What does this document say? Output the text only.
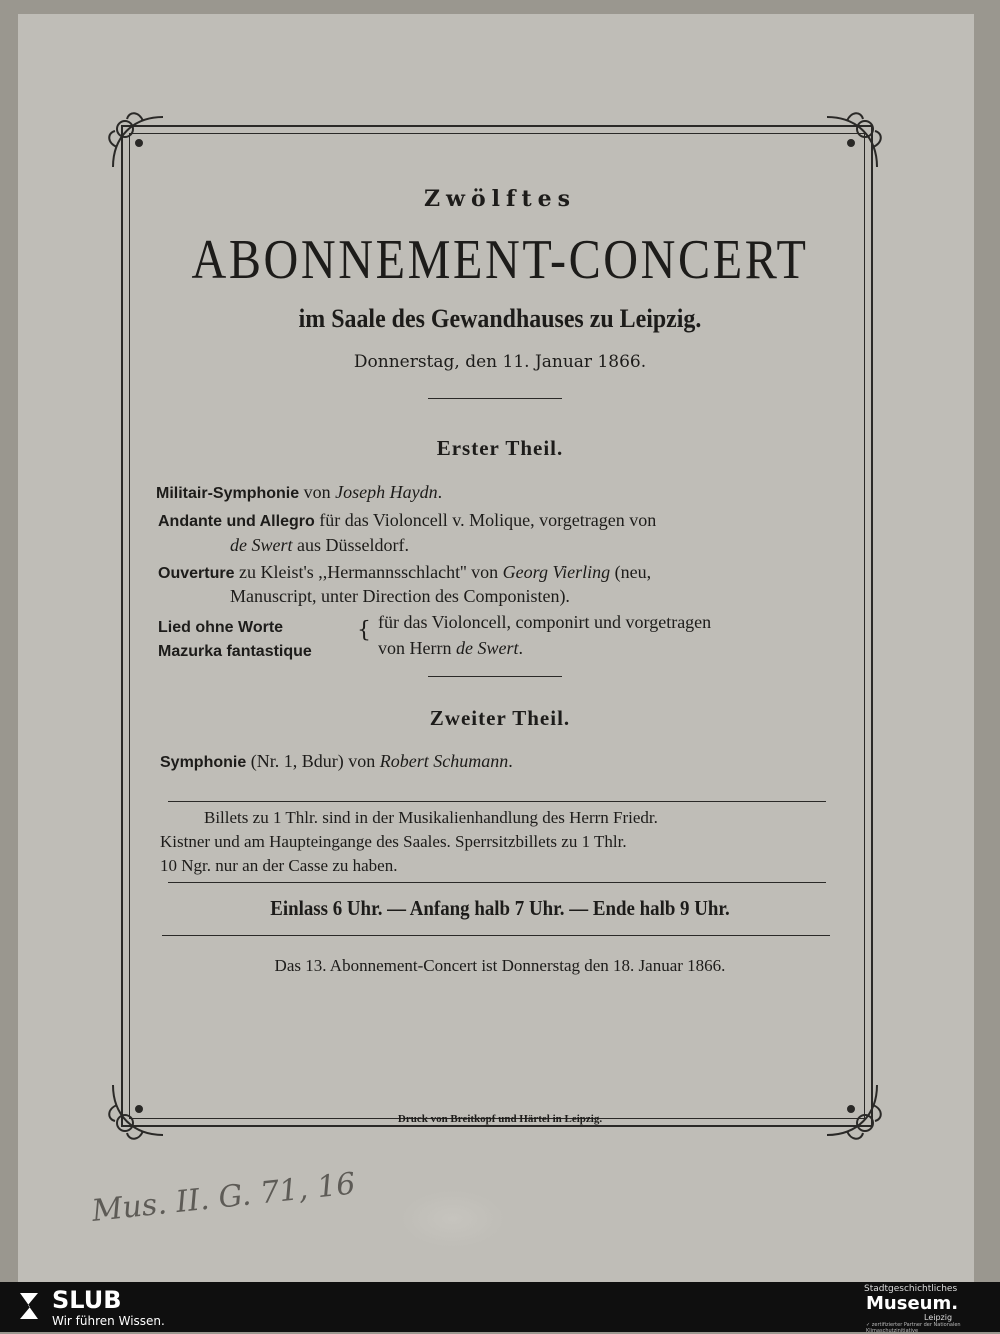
Zwölftes
ABONNEMENT-CONCERT
im Saale des Gewandhauses zu Leipzig.
Donnerstag, den 11. Januar 1866.
Erster Theil.
Militair-Symphonie von Joseph Haydn.
Andante und Allegro für das Violoncell v. Molique, vorgetragen von
de Swert aus Düsseldorf.
Ouverture zu Kleist's ,,Hermannsschlacht'' von Georg Vierling (neu,
Manuscript, unter Direction des Componisten).
Lied ohne Worte
Mazurka fantastique
{ für das Violoncell, componirt und vorgetragen
von Herrn de Swert.
Zweiter Theil.
Symphonie (Nr. 1, Bdur) von Robert Schumann.
Billets zu 1 Thlr. sind in der Musikalienhandlung des Herrn Friedr.
Kistner und am Haupteingange des Saales. Sperrsitzbillets zu 1 Thlr.
10 Ngr. nur an der Casse zu haben.
Einlass 6 Uhr. — Anfang halb 7 Uhr. — Ende halb 9 Uhr.
Das 13. Abonnement-Concert ist Donnerstag den 18. Januar 1866.
Druck von Breitkopf und Härtel in Leipzig.
Mus. II. G. 71, 16
SLUB
Wir führen Wissen.
Stadtgeschichtliches
Museum.
Leipzig
✓ zertifizierter Partner der Nationalen Klimaschutzinitiative
